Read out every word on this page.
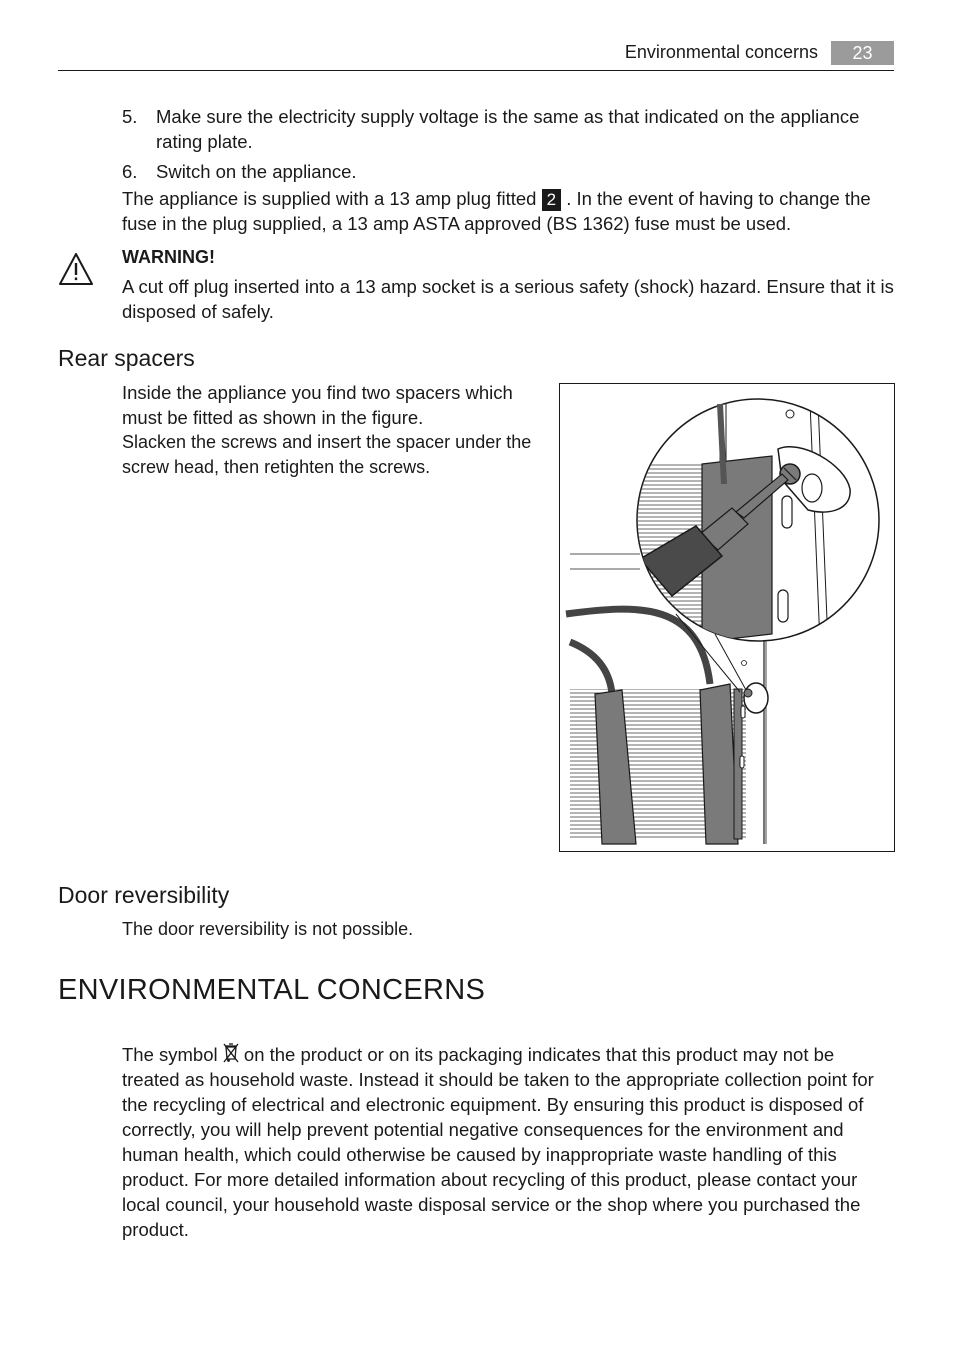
Environmental concerns	23
5. Make sure the electricity supply voltage is the same as that indicated on the appliance rating plate.
6. Switch on the appliance.
The appliance is supplied with a 13 amp plug fitted 2 . In the event of having to change the fuse in the plug supplied, a 13 amp ASTA approved (BS 1362) fuse must be used.
WARNING!
A cut off plug inserted into a 13 amp socket is a serious safety (shock) hazard. Ensure that it is disposed of safely.
Rear spacers
Inside the appliance you find two spacers which must be fitted as shown in the figure.
Slacken the screws and insert the spacer under the screw head, then retighten the screws.
Door reversibility
The door reversibility is not possible.
ENVIRONMENTAL CONCERNS
The symbol on the product or on its packaging indicates that this product may not be treated as household waste. Instead it should be taken to the appropriate collection point for the recycling of electrical and electronic equipment. By ensuring this product is disposed of correctly, you will help prevent potential negative consequences for the environment and human health, which could otherwise be caused by inappropriate waste handling of this product. For more detailed information about recycling of this product, please contact your local council, your household waste disposal service or the shop where you purchased the product.
